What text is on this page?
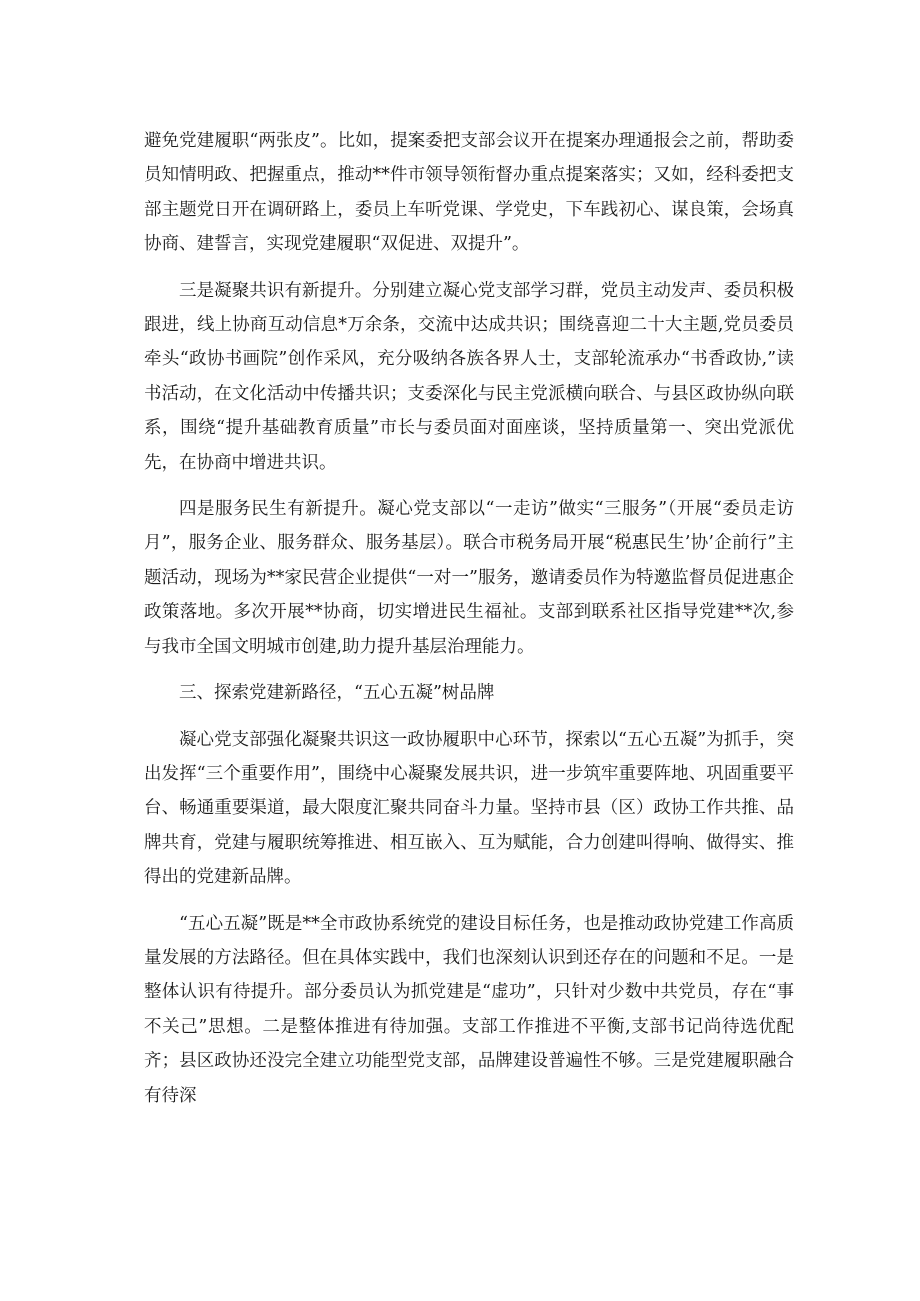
避免党建履职“两张皮”。比如，提案委把支部会议开在提案办理通报会之前，帮助委员知情明政、把握重点，推动**件市领导领衔督办重点提案落实；又如，经科委把支部主题党日开在调研路上，委员上车听党课、学党史，下车践初心、谋良策，会场真协商、建誓言，实现党建履职“双促进、双提升”。

三是凝聚共识有新提升。分别建立凝心党支部学习群，党员主动发声、委员积极跟进，线上协商互动信息*万余条，交流中达成共识；围绕喜迎二十大主题,党员委员牵头“政协书画院”创作采风，充分吸纳各族各界人士，支部轮流承办“书香政协,”读书活动，在文化活动中传播共识；支委深化与民主党派横向联合、与县区政协纵向联系，围绕“提升基础教育质量”市长与委员面对面座谈，坚持质量第一、突出党派优先，在协商中增进共识。

四是服务民生有新提升。凝心党支部以“一走访”做实“三服务”（开展“委员走访月”，服务企业、服务群众、服务基层）。联合市税务局开展“税惠民生’协’企前行”主题活动，现场为**家民营企业提供“一对一”服务，邀请委员作为特邀监督员促进惠企政策落地。多次开展**协商，切实增进民生福祉。支部到联系社区指导党建**次,参与我市全国文明城市创建,助力提升基层治理能力。

三、探索党建新路径，“五心五凝”树品牌

凝心党支部强化凝聚共识这一政协履职中心环节，探索以“五心五凝”为抓手，突出发挥“三个重要作用”，围绕中心凝聚发展共识，进一步筑牢重要阵地、巩固重要平台、畅通重要渠道，最大限度汇聚共同奋斗力量。坚持市县（区）政协工作共推、品牌共育，党建与履职统筹推进、相互嵌入、互为赋能，合力创建叫得响、做得实、推得出的党建新品牌。

“五心五凝”既是**全市政协系统党的建设目标任务，也是推动政协党建工作高质量发展的方法路径。但在具体实践中，我们也深刻认识到还存在的问题和不足。一是整体认识有待提升。部分委员认为抓党建是“虚功”，只针对少数中共党员，存在“事不关己”思想。二是整体推进有待加强。支部工作推进不平衡,支部书记尚待选优配齐；县区政协还没完全建立功能型党支部，品牌建设普遍性不够。三是党建履职融合有待深
